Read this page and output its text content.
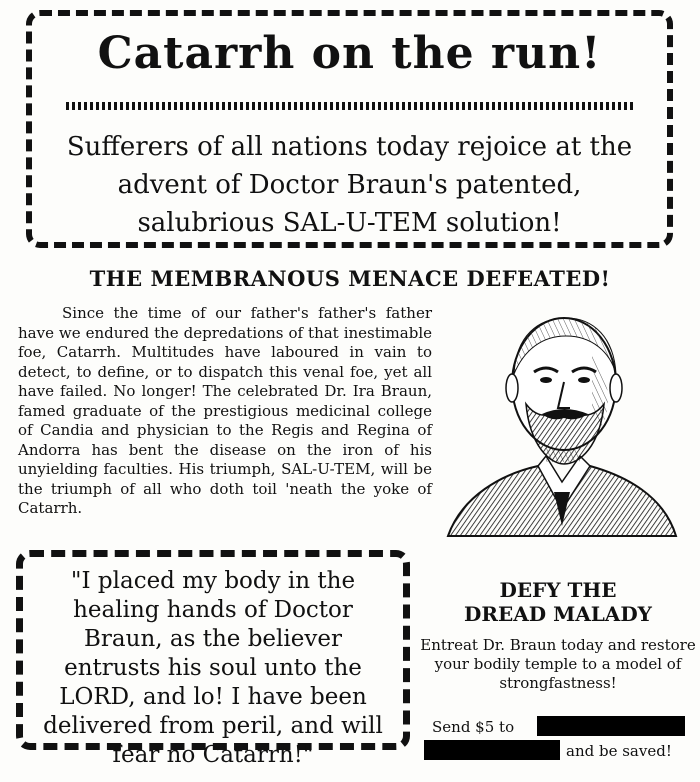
Catarrh on the run!
Sufferers of all nations today rejoice at the advent of Doctor Braun's patented, salubrious SAL-U-TEM solution!
THE MEMBRANOUS MENACE DEFEATED!
Since the time of our father's father's father have we endured the depredations of that inestimable foe, Catarrh. Multitudes have laboured in vain to detect, to define, or to dispatch this venal foe, yet all have failed. No longer! The celebrated Dr. Ira Braun, famed graduate of the prestigious medicinal college of Candia and physician to the Regis and Regina of Andorra has bent the disease on the iron of his unyielding faculties. His triumph, SAL-U-TEM, will be the triumph of all who doth toil 'neath the yoke of Catarrh.
"I placed my body in the healing hands of Doctor Braun, as the believer entrusts his soul unto the LORD, and lo! I have been delivered from peril, and will fear no Catarrh!"
DEFY THE
DREAD MALADY
Entreat Dr. Braun today and restore your bodily temple to a model of strongfastness!
Send $5 to
and be saved!
